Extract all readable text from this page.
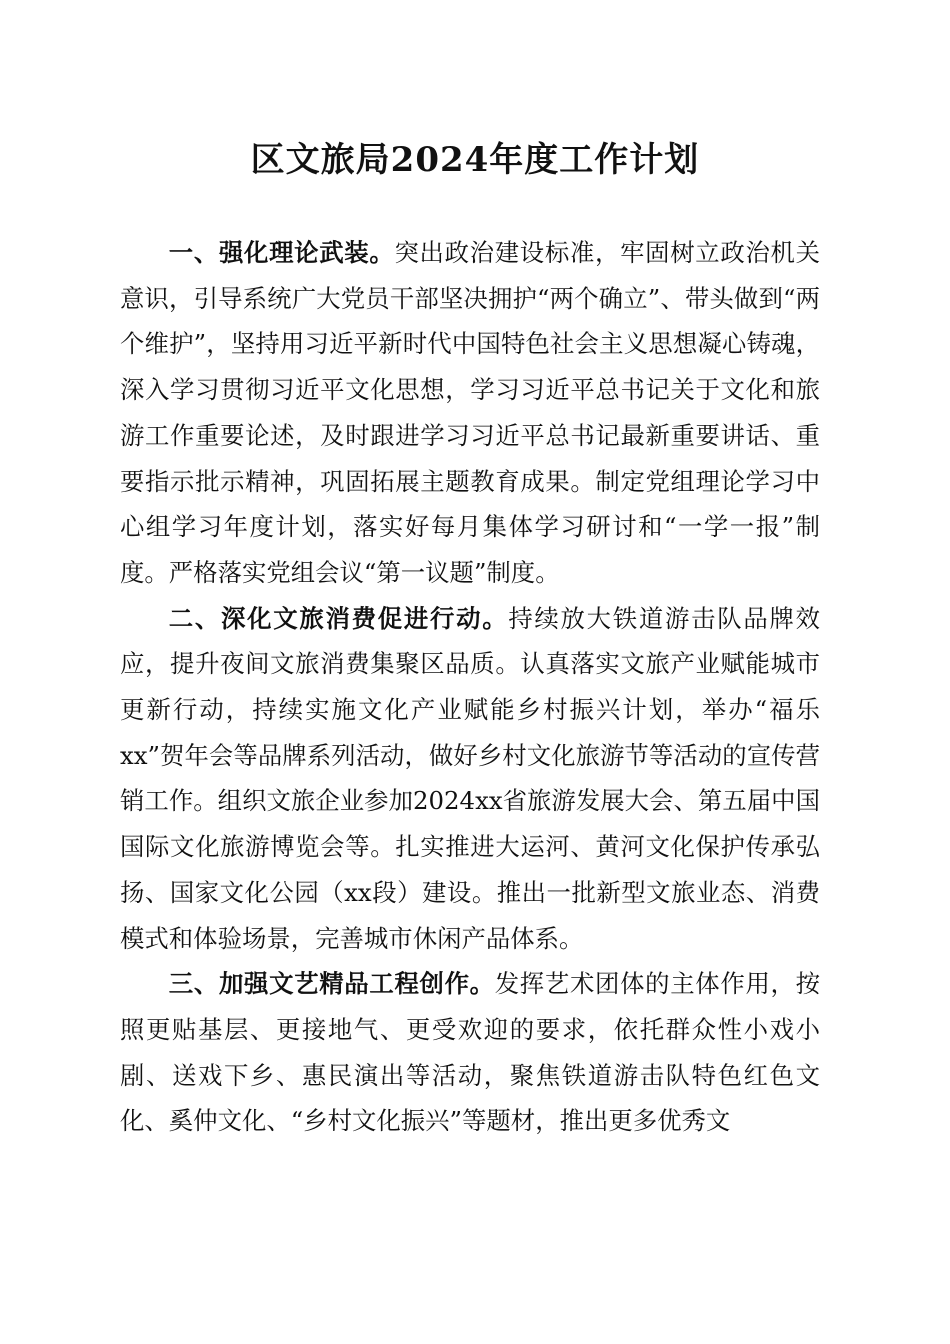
区文旅局2024年度工作计划

一、强化理论武装。突出政治建设标准，牢固树立政治机关意识，引导系统广大党员干部坚决拥护“两个确立”、带头做到“两个维护”，坚持用习近平新时代中国特色社会主义思想凝心铸魂，深入学习贯彻习近平文化思想，学习习近平总书记关于文化和旅游工作重要论述，及时跟进学习习近平总书记最新重要讲话、重要指示批示精神，巩固拓展主题教育成果。制定党组理论学习中心组学习年度计划，落实好每月集体学习研讨和“一学一报”制度。严格落实党组会议“第一议题”制度。

二、深化文旅消费促进行动。持续放大铁道游击队品牌效应，提升夜间文旅消费集聚区品质。认真落实文旅产业赋能城市更新行动，持续实施文化产业赋能乡村振兴计划，举办“福乐xx”贺年会等品牌系列活动，做好乡村文化旅游节等活动的宣传营销工作。组织文旅企业参加2024xx省旅游发展大会、第五届中国国际文化旅游博览会等。扎实推进大运河、黄河文化保护传承弘扬、国家文化公园（xx段）建设。推出一批新型文旅业态、消费模式和体验场景，完善城市休闲产品体系。

三、加强文艺精品工程创作。发挥艺术团体的主体作用，按照更贴基层、更接地气、更受欢迎的要求，依托群众性小戏小剧、送戏下乡、惠民演出等活动，聚焦铁道游击队特色红色文化、奚仲文化、“乡村文化振兴”等题材，推出更多优秀文
